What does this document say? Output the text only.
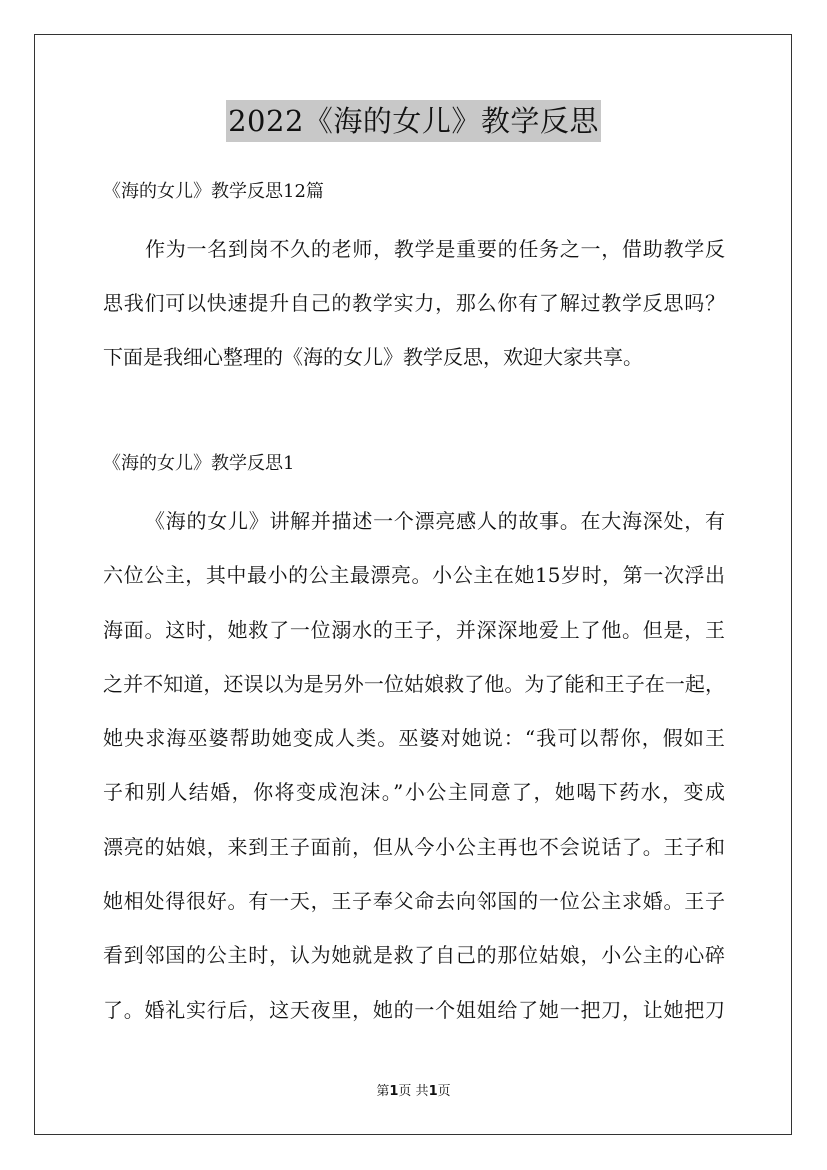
2022《海的女儿》教学反思
《海的女儿》教学反思12篇
作为一名到岗不久的老师，教学是重要的任务之一，借助教学反
思我们可以快速提升自己的教学实力，那么你有了解过教学反思吗？
下面是我细心整理的《海的女儿》教学反思，欢迎大家共享。
《海的女儿》教学反思1
《海的女儿》讲解并描述一个漂亮感人的故事。在大海深处，有
六位公主，其中最小的公主最漂亮。小公主在她15岁时，第一次浮出
海面。这时，她救了一位溺水的王子，并深深地爱上了他。但是，王
之并不知道，还误以为是另外一位姑娘救了他。为了能和王子在一起，
她央求海巫婆帮助她变成人类。巫婆对她说：“我可以帮你，假如王
子和别人结婚，你将变成泡沫。”小公主同意了，她喝下药水，变成
漂亮的姑娘，来到王子面前，但从今小公主再也不会说话了。王子和
她相处得很好。有一天，王子奉父命去向邻国的一位公主求婚。王子
看到邻国的公主时，认为她就是救了自己的那位姑娘，小公主的心碎
了。婚礼实行后，这天夜里，她的一个姐姐给了她一把刀，让她把刀
第1页 共1页
